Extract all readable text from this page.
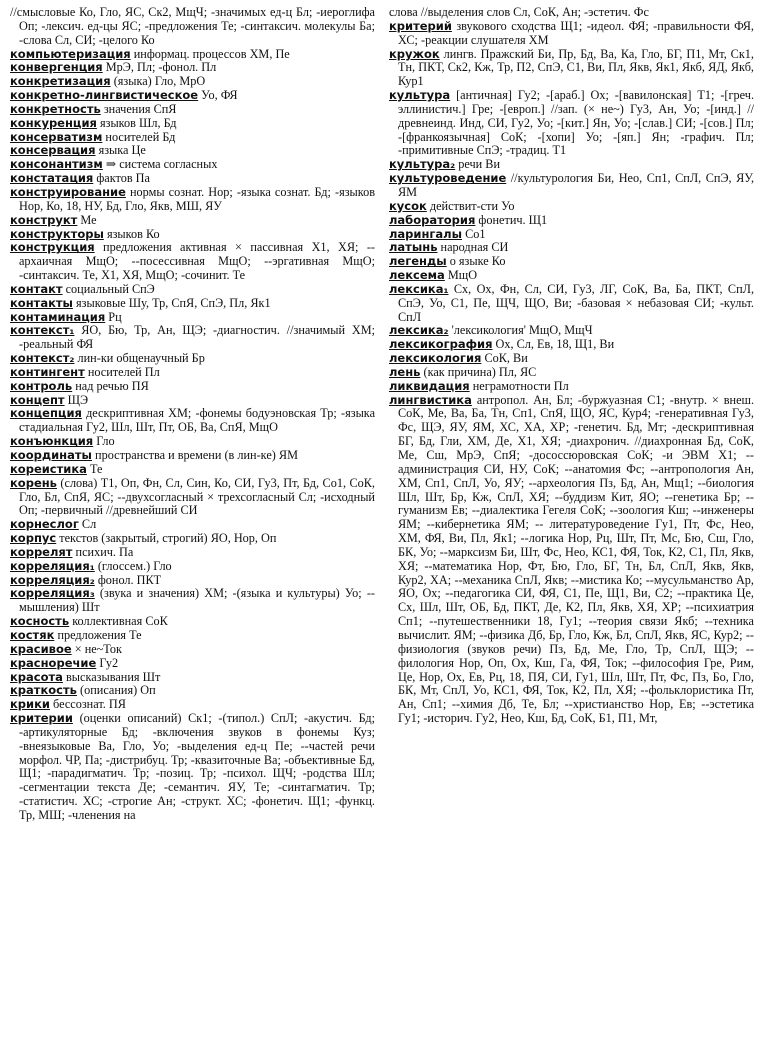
//смысловые Ко, Гло, ЯС, Ск2, МщЧ; -значимых ед-ц Бл; -иероглифа Оп; -лексич. ед-цы ЯС; -предложения Те; -синтаксич. молекулы Ба; -слова Сл, СИ; -целого Ко

компьютеризация информац. процессов ХМ, Пе

конвергенция МрЭ, Пл; -фонол. Пл

конкретизация (языка) Гло, МрО

конкретно-лингвистическое Уо, ФЯ

конкретность значения СпЯ

конкуренция языков Шл, Бд

консерватизм носителей Бд

консервация языка Це

консонантизм ⇒ система согласных

констатация фактов Па

конструирование нормы сознат. Нор; -языка сознат. Бд; -языков Нор, Ко, 18, НУ, Бд, Гло, Якв, МШ, ЯУ

конструкт Ме

конструкторы языков Ко

конструкция предложения активная × пассивная Х1, ХЯ; --архаичная МщО; --посессивная МщО; --эргативная МщО; -синтаксич. Те, Х1, ХЯ, МщО; -сочинит. Те

контакт социальный СпЭ

контакты языковые Шу, Тр, СпЯ, СпЭ, Пл, Як1

контаминация Рц

контекст₁ ЯО, Бю, Тр, Ан, ЩЭ; -диагностич. //значимый ХМ; -реальный ФЯ

контекст₂ лин-ки общенаучный Бр

контингент носителей Пл

контроль над речью ПЯ

концепт ЩЭ

концепция дескриптивная ХМ; -фонемы бодуэновская Тр; -языка стадиальная Гу2, Шл, Шт, Пт, ОБ, Ва, СпЯ, МщО

конъюнкция Гло

координаты пространства и времени (в лин-ке) ЯМ

кореистика Те

корень (слова) Т1, Оп, Фн, Сл, Син, Ко, СИ, Гу3, Пт, Бд, Со1, СоК, Гло, Бл, СпЯ, ЯС; --двухсогласный × трехсогласный Сл; -исходный Оп; -первичный //древнейший СИ

корнеслог Сл

корпус текстов (закрытый, строгий) ЯО, Нор, Оп

коррелят психич. Па

корреляция₁ (глоссем.) Гло

корреляция₂ фонол. ПКТ

корреляция₃ (звука и значения) ХМ; -(языка и культуры) Уо; --мышления) Шт

косность коллективная СоК

костяк предложения Те

красивое × не~Ток

красноречие Гу2

красота высказывания Шт

краткость (описания) Оп

крики бессознат. ПЯ

критерии (оценки описаний) Ск1; -(типол.) СпЛ; -акустич. Бд; -артикуляторные Бд; -включения звуков в фонемы Куз; -внеязыковые Ва, Гло, Уо; -выделения ед-ц Пе; --частей речи морфол. ЧР, Па; -дистрибуц. Тр; -квазиточные Ва; -объективные Бд, Щ1; -парадигматич. Тр; -позиц. Тр; -психол. ЩЧ; -родства Шл; -сегментации текста Де; -семантич. ЯУ, Те; -синтагматич. Тр; -статистич. ХС; -строгие Ан; -структ. ХС; -фонетич. Щ1; -функц. Тр, МШ; -членения на

слова //выделения слов Сл, СоК, Ан; -эстетич. Фс

критерий звукового сходства Щ1; -идеол. ФЯ; -правильности ФЯ, ХС; -реакции слушателя ХМ

кружок лингв. Пражский Би, Пр, Бд, Ва, Ка, Гло, БГ, П1, Мт, Ск1, Тн, ПКТ, Ск2, Кж, Тр, П2, СпЭ, С1, Ви, Пл, Якв, Як1, Якб, ЯД, Якб, Кур1

культура [античная] Гу2; -[араб.] Ох; -[вавилонская] Т1; -[греч. эллинистич.] Гре; -[европ.] //зап. (× не~) Гу3, Ан, Уо; -[инд.] //древнеинд. Инд, СИ, Гу2, Уо; -[кит.] Ян, Уо; -[слав.] СИ; -[сов.] Пл; -[франкоязычная] СоК; -[хопи] Уо; -[яп.] Ян; -графич. Пл; -примитивные СпЭ; -традиц. Т1

культура₂ речи Ви

культуроведение //культурология Би, Нео, Сп1, СпЛ, СпЭ, ЯУ, ЯМ

кусок действит-сти Уо

лаборатория фонетич. Щ1

ларингалы Со1

латынь народная СИ

легенды о языке Ко

лексема МщО

лексика₁ Сх, Ох, Фн, Сл, СИ, Гу3, ЛГ, СоК, Ва, Ба, ПКТ, СпЛ, СпЭ, Уо, С1, Пе, ЩЧ, ЩО, Ви; -базовая × небазовая СИ; -культ. СпЛ

лексика₂ 'лексикология' МщО, МщЧ

лексикография Ох, Сл, Ев, 18, Щ1, Ви

лексикология СоК, Ви

лень (как причина) Пл, ЯС

ликвидация неграмотности Пл

лингвистика антропол. Ан, Бл; -буржуазная С1; -внутр. × внеш. СоК, Ме, Ва, Ба, Тн, Сп1, СпЯ, ЩО, ЯС, Кур4; -генеративная Гу3, Фс, ЩЭ, ЯУ, ЯМ, ХС, ХА, ХР; -генетич. Бд, Мт; -дескриптивная БГ, Бд, Гли, ХМ, Де, Х1, ХЯ; -диахронич. //диахронная Бд, СоК, Ме, Сш, МрЭ, СпЯ; -дососсюровская СоК; -и ЭВМ Х1; --администрация СИ, НУ, СоК; --анатомия Фс; --антропология Ан, ХМ, Сп1, СпЛ, Уо, ЯУ; --археология Пз, Бд, Ан, Мщ1; --биология Шл, Шт, Бр, Кж, СпЛ, ХЯ; --буддизм Кит, ЯО; --генетика Бр; --гуманизм Ев; --диалектика Гегеля СоК; --зоология Кш; --инженеры ЯМ; --кибернетика ЯМ; -- литературоведение Гу1, Пт, Фс, Нео, ХМ, ФЯ, Ви, Пл, Як1; --логика Нор, Рц, Шт, Пт, Мс, Бю, Сш, Гло, БК, Уо; --марксизм Би, Шт, Фс, Нео, КС1, ФЯ, Ток, К2, С1, Пл, Якв, ХЯ; --математика Нор, Фт, Бю, Гло, БГ, Тн, Бл, СпЛ, Якв, Якв, Кур2, ХА; --механика СпЛ, Якв; --мистика Ко; --мусульманство Ар, ЯО, Ох; --педагогика СИ, ФЯ, С1, Пе, Щ1, Ви, С2; --практика Це, Сх, Шл, Шт, ОБ, Бд, ПКТ, Де, К2, Пл, Якв, ХЯ, ХР; --психиатрия Сп1; --путешественники 18, Гу1; --теория связи Якб; --техника вычислит. ЯМ; --физика Дб, Бр, Гло, Кж, Бл, СпЛ, Якв, ЯС, Кур2; --физиология (звуков речи) Пз, Бд, Ме, Гло, Тр, СпЛ, ЩЭ; --филология Нор, Оп, Ох, Кш, Га, ФЯ, Ток; --философия Гре, Рим, Це, Нор, Ох, Ев, Рц, 18, ПЯ, СИ, Гу1, Шл, Шт, Пт, Фс, Пз, Бо, Гло, БК, Мт, СпЛ, Уо, КС1, ФЯ, Ток, К2, Пл, ХЯ; --фольклористика Пт, Ан, Сп1; --химия Дб, Те, Бл; --христианство Нор, Ев; --эстетика Гу1; -историч. Гу2, Нео, Кш, Бд, СоК, Б1, П1, Мт,
